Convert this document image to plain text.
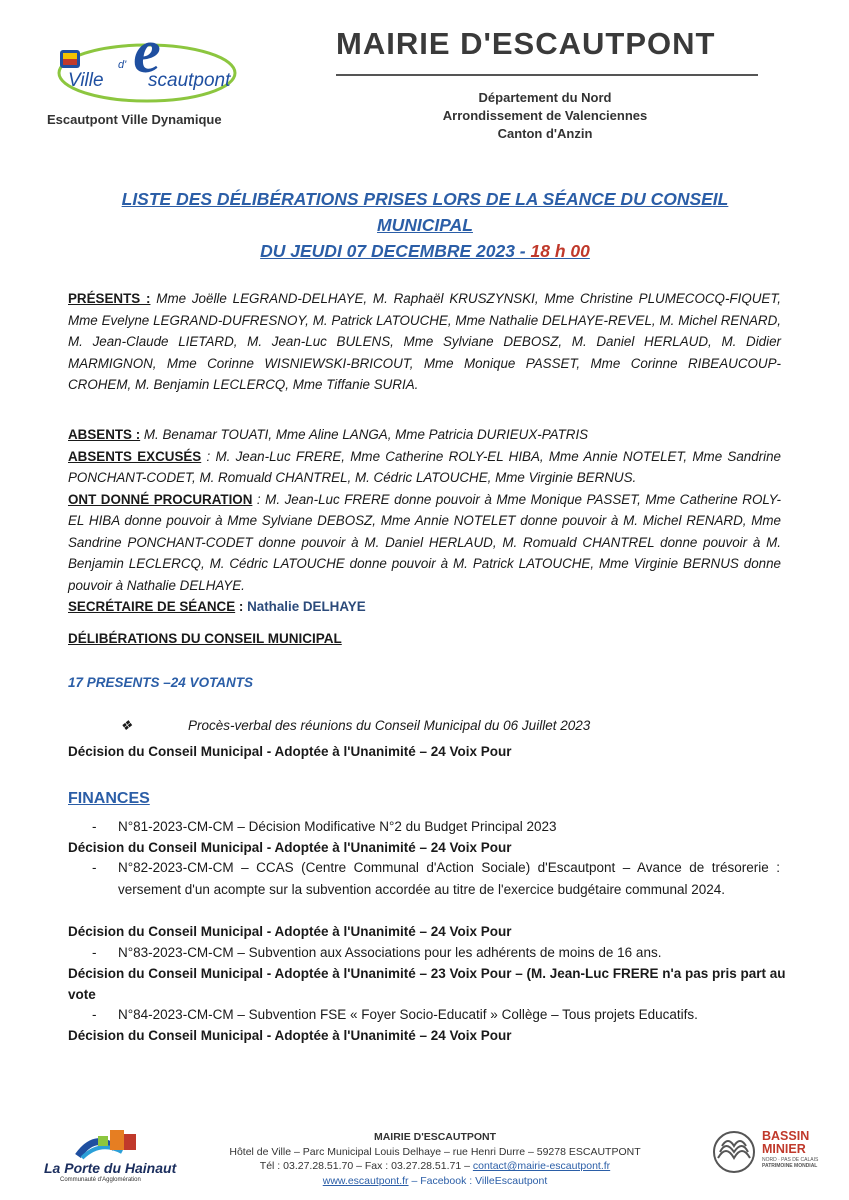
e
Ville
d'
scautpont
Escautpont Ville Dynamique
MAIRIE D'ESCAUTPONT
Département du Nord
Arrondissement de Valenciennes
Canton d'Anzin
LISTE DES DÉLIBÉRATIONS PRISES LORS DE LA SÉANCE DU CONSEIL
MUNICIPAL
DU JEUDI 07 DECEMBRE 2023 - 18 h 00
PRÉSENTS : Mme Joëlle LEGRAND-DELHAYE, M. Raphaël KRUSZYNSKI, Mme Christine PLUMECOCQ-FIQUET, Mme Evelyne LEGRAND-DUFRESNOY, M. Patrick LATOUCHE, Mme Nathalie DELHAYE-REVEL, M. Michel RENARD, M. Jean-Claude LIETARD, M. Jean-Luc BULENS, Mme Sylviane DEBOSZ, M. Daniel HERLAUD, M. Didier MARMIGNON, Mme Corinne WISNIEWSKI-BRICOUT, Mme Monique PASSET, Mme Corinne RIBEAUCOUP-CROHEM, M. Benjamin LECLERCQ, Mme Tiffanie SURIA.
ABSENTS : M. Benamar TOUATI, Mme Aline LANGA, Mme Patricia DURIEUX-PATRIS
ABSENTS EXCUSÉS : M. Jean-Luc FRERE, Mme Catherine ROLY-EL HIBA, Mme Annie NOTELET, Mme Sandrine PONCHANT-CODET, M. Romuald CHANTREL, M. Cédric LATOUCHE, Mme Virginie BERNUS.
ONT DONNÉ PROCURATION : M. Jean-Luc FRERE donne pouvoir à Mme Monique PASSET, Mme Catherine ROLY-EL HIBA donne pouvoir à Mme Sylviane DEBOSZ, Mme Annie NOTELET donne pouvoir à M. Michel RENARD, Mme Sandrine PONCHANT-CODET donne pouvoir à M. Daniel HERLAUD, M. Romuald CHANTREL donne pouvoir à M. Benjamin LECLERCQ, M. Cédric LATOUCHE donne pouvoir à M. Patrick LATOUCHE, Mme Virginie BERNUS donne pouvoir à Nathalie DELHAYE.
SECRÉTAIRE DE SÉANCE : Nathalie DELHAYE
DÉLIBÉRATIONS DU CONSEIL MUNICIPAL
17 PRESENTS –24 VOTANTS
❖	Procès-verbal des réunions du Conseil Municipal du 06 Juillet 2023
Décision du Conseil Municipal - Adoptée à l'Unanimité – 24 Voix Pour
FINANCES
-	N°81-2023-CM-CM – Décision Modificative N°2 du Budget Principal 2023
Décision du Conseil Municipal - Adoptée à l'Unanimité – 24 Voix Pour
-	N°82-2023-CM-CM – CCAS (Centre Communal d'Action Sociale) d'Escautpont – Avance de trésorerie : versement d'un acompte sur la subvention accordée au titre de l'exercice budgétaire communal 2024.
Décision du Conseil Municipal - Adoptée à l'Unanimité – 24 Voix Pour
-	N°83-2023-CM-CM – Subvention aux Associations pour les adhérents de moins de 16 ans.
Décision du Conseil Municipal - Adoptée à l'Unanimité – 23 Voix Pour – (M. Jean-Luc FRERE n'a pas pris part au vote
-	N°84-2023-CM-CM – Subvention FSE « Foyer Socio-Educatif » Collège – Tous projets Educatifs.
Décision du Conseil Municipal - Adoptée à l'Unanimité – 24 Voix Pour
La Porte du Hainaut
Communauté d'Agglomération
MAIRIE D'ESCAUTPONT
Hôtel de Ville – Parc Municipal Louis Delhaye – rue Henri Durre – 59278 ESCAUTPONT
Tél : 03.27.28.51.70 – Fax : 03.27.28.51.71 – contact@mairie-escautpont.fr
www.escautpont.fr – Facebook : VilleEscautpont
BASSIN
MINIER
NORD · PAS DE CALAIS
PATRIMOINE MONDIAL
